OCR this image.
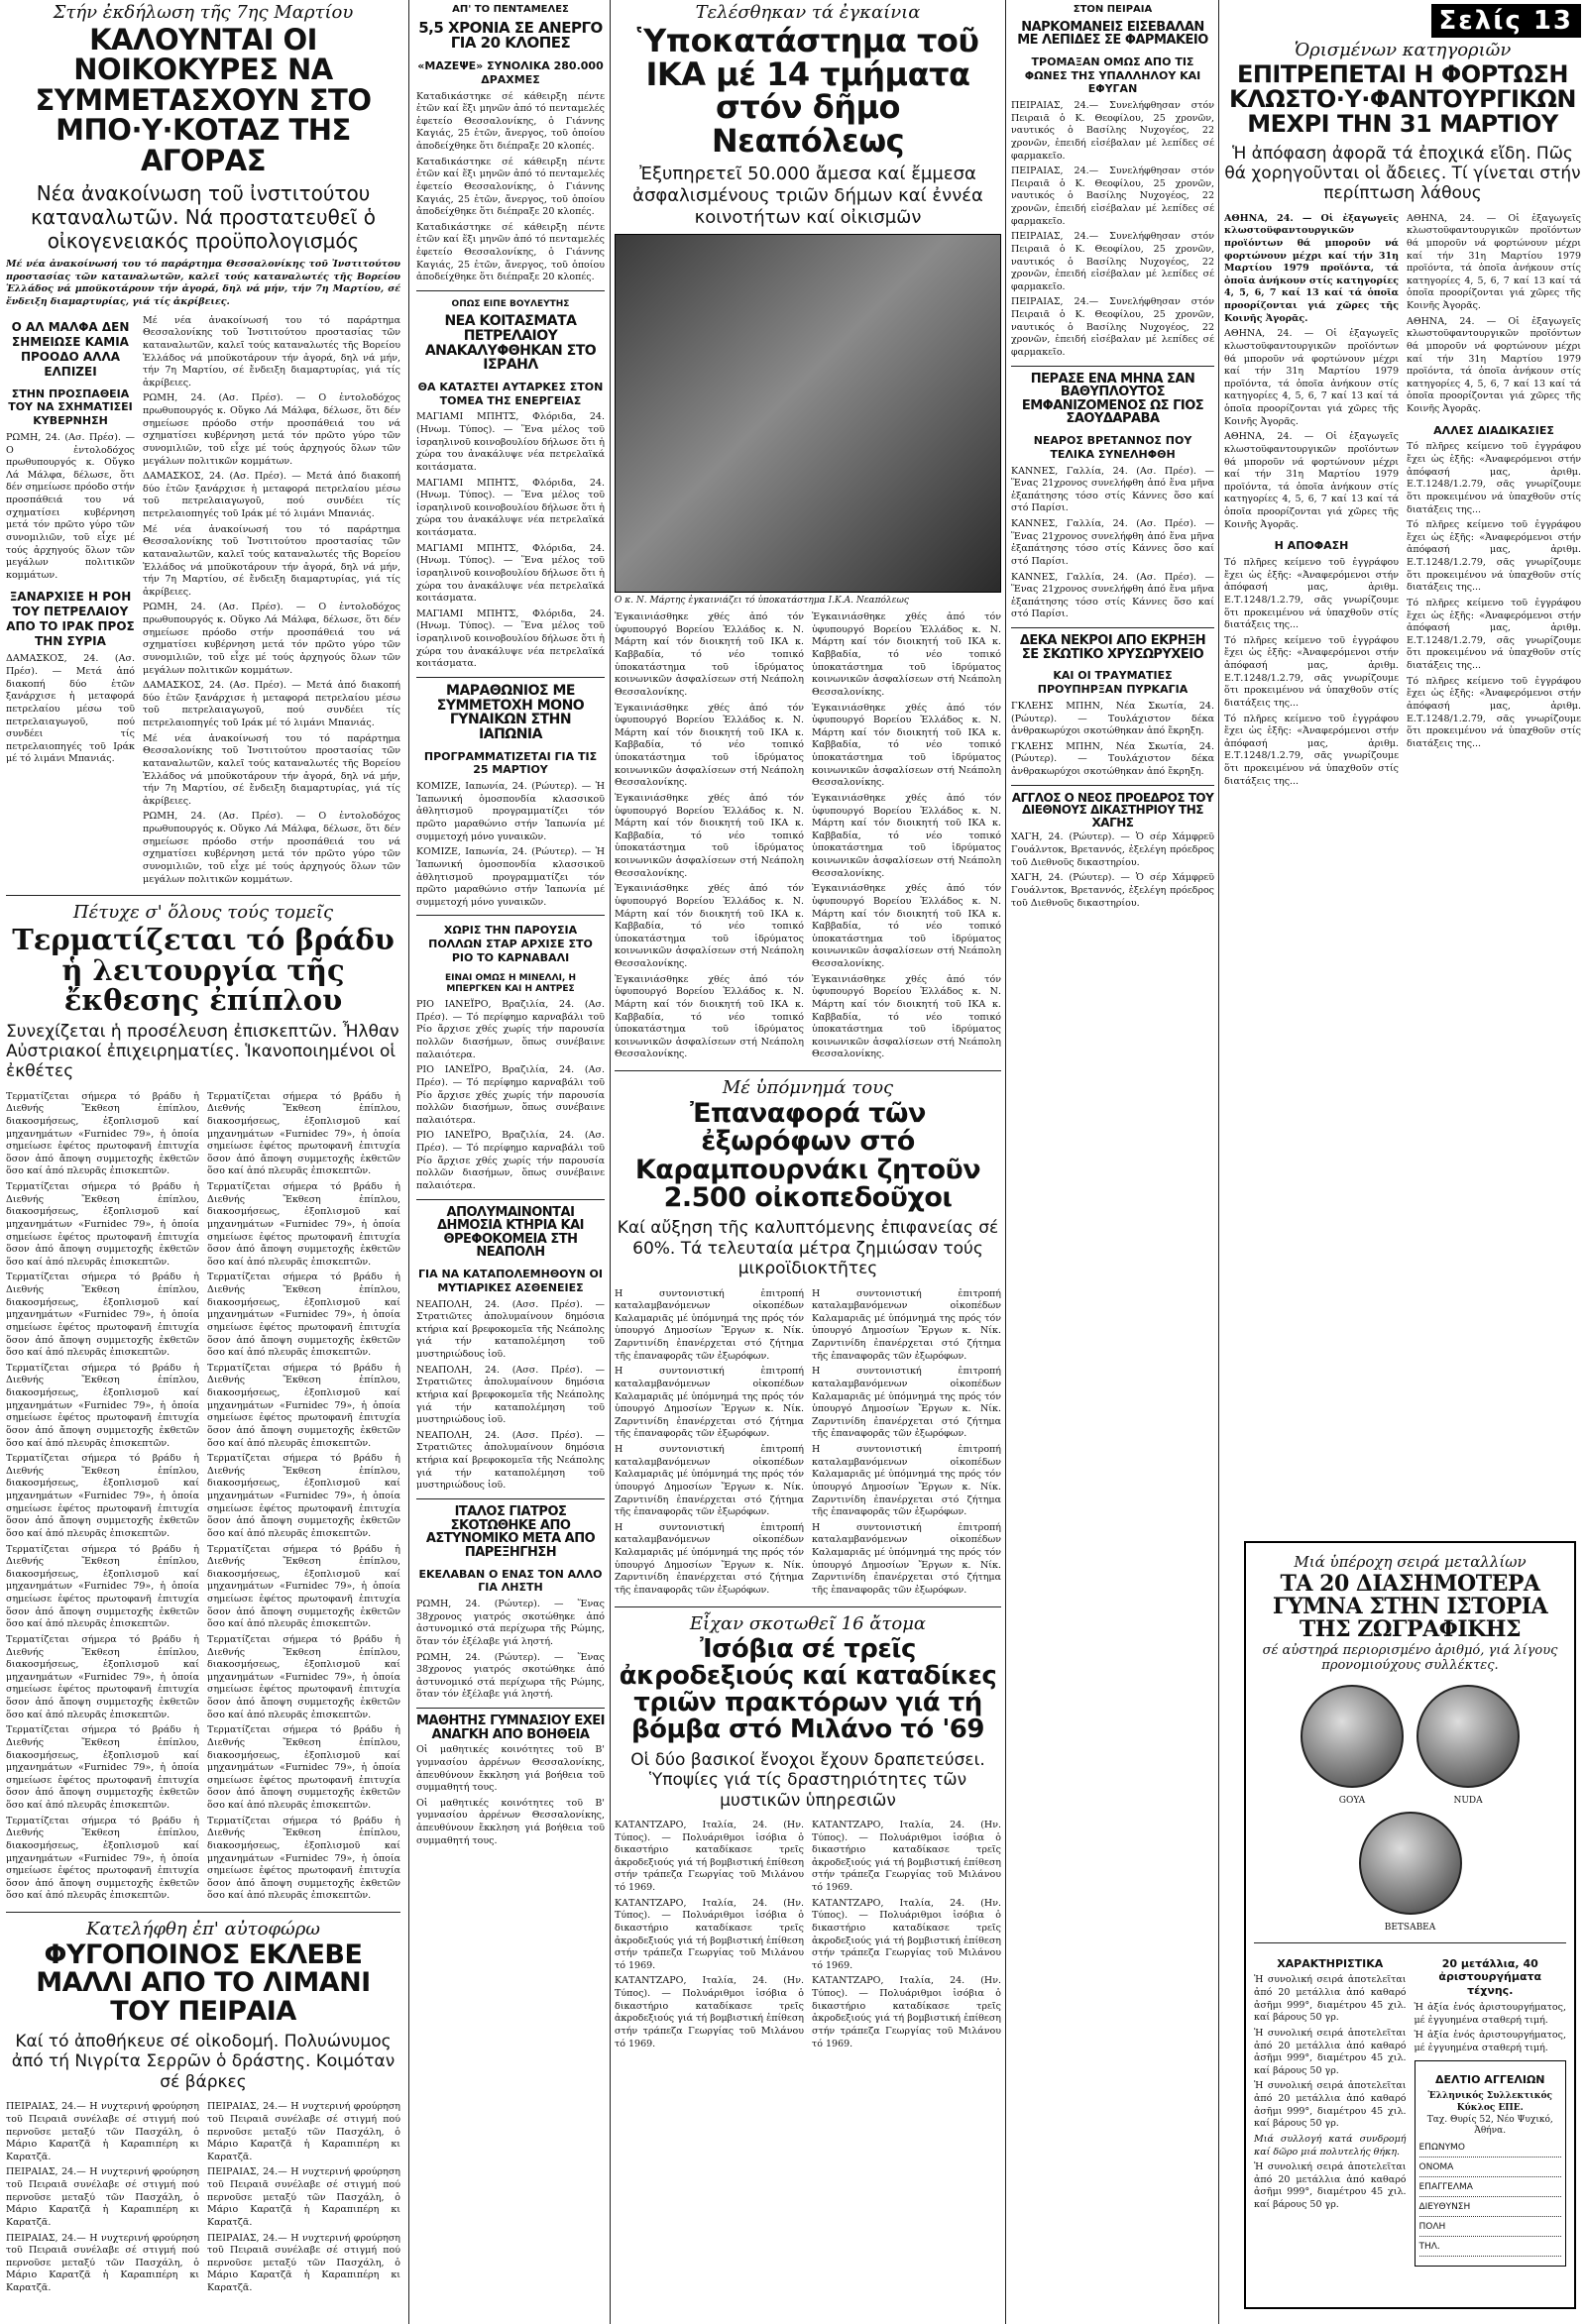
Στήν ἐκδήλωση τῆς 7ης Μαρτίου
ΚΑΛΟΥΝΤΑΙ ΟΙ ΝΟΙΚΟΚΥΡΕΣ ΝΑ ΣΥΜΜΕΤΑΣΧΟΥΝ ΣΤΟ ΜΠΟ·Υ·ΚΟΤΑΖ ΤΗΣ ΑΓΟΡΑΣ
Νέα ἀνακοίνωση τοῦ ἰνστιτούτου καταναλωτῶν. Νά προστατευθεῖ ὁ οἰκογενειακός προϋπολογισμός
Μέ νέα ἀνακοίνωσή του τό παράρτημα Θεσσαλονίκης τοῦ Ἰνστιτούτου προστασίας τῶν καταναλωτῶν, καλεῖ τούς καταναλωτές τῆς Βορείου Ἑλλάδος νά μποϋκοτάρουν τήν ἀγορά, δηλ νά μήν, τήν 7η Μαρτίου, σέ ἔνδειξη διαμαρτυρίας, γιά τίς ἀκρίβειες.
Ο ΑΛ ΜΑΛΦΑ ΔΕΝ ΣΗΜΕΙΩΣΕ ΚΑΜΙΑ ΠΡΟΟΔΟ ΑΛΛΑ ΕΛΠΙΖΕΙ
ΣΤΗΝ ΠΡΟΣΠΑΘΕΙΑ ΤΟΥ ΝΑ ΣΧΗΜΑΤΙΣΕΙ ΚΥΒΕΡΝΗΣΗ
ΡΩΜΗ, 24. (Ασ. Πρέσ). — Ο ἐντολοδόχος πρωθυπουργός κ. Οὔγκο Λά Μάλφα, δέλωσε, ὅτι δέν σημείωσε πρόοδο στήν προσπάθειά του νά σχηματίσει κυβέρνηση μετά τόν πρῶτο γύρο τῶν συνομιλιῶν, τοῦ εἶχε μέ τούς ἀρχηγούς ὅλων τῶν μεγάλων πολιτικῶν κομμάτων.
ΞΑΝΑΡΧΙΣΕ Η ΡΟΗ ΤΟΥ ΠΕΤΡΕΛΑΙΟΥ ΑΠΟ ΤΟ ΙΡΑΚ ΠΡΟΣ ΤΗΝ ΣΥΡΙΑ
ΔΑΜΑΣΚΟΣ, 24. (Ασ. Πρέσ). — Μετά ἀπό διακοπή δύο ἐτῶν ξανάρχισε ἡ μεταφορά πετρελαίου μέσω τοῦ πετρελαιαγωγοῦ, πού συνδέει τίς πετρελαιοπηγές τοῦ Ιράκ μέ τό λιμάνι Μπανιάς.
Μέ νέα ἀνακοίνωσή του τό παράρτημα Θεσσαλονίκης τοῦ Ἰνστιτούτου προστασίας τῶν καταναλωτῶν, καλεῖ τούς καταναλωτές τῆς Βορείου Ἑλλάδος νά μποϋκοτάρουν τήν ἀγορά, δηλ νά μήν, τήν 7η Μαρτίου, σέ ἔνδειξη διαμαρτυρίας, γιά τίς ἀκρίβειες.
ΡΩΜΗ, 24. (Ασ. Πρέσ). — Ο ἐντολοδόχος πρωθυπουργός κ. Οὔγκο Λά Μάλφα, δέλωσε, ὅτι δέν σημείωσε πρόοδο στήν προσπάθειά του νά σχηματίσει κυβέρνηση μετά τόν πρῶτο γύρο τῶν συνομιλιῶν, τοῦ εἶχε μέ τούς ἀρχηγούς ὅλων τῶν μεγάλων πολιτικῶν κομμάτων.
ΔΑΜΑΣΚΟΣ, 24. (Ασ. Πρέσ). — Μετά ἀπό διακοπή δύο ἐτῶν ξανάρχισε ἡ μεταφορά πετρελαίου μέσω τοῦ πετρελαιαγωγοῦ, πού συνδέει τίς πετρελαιοπηγές τοῦ Ιράκ μέ τό λιμάνι Μπανιάς.
Μέ νέα ἀνακοίνωσή του τό παράρτημα Θεσσαλονίκης τοῦ Ἰνστιτούτου προστασίας τῶν καταναλωτῶν, καλεῖ τούς καταναλωτές τῆς Βορείου Ἑλλάδος νά μποϋκοτάρουν τήν ἀγορά, δηλ νά μήν, τήν 7η Μαρτίου, σέ ἔνδειξη διαμαρτυρίας, γιά τίς ἀκρίβειες.
ΡΩΜΗ, 24. (Ασ. Πρέσ). — Ο ἐντολοδόχος πρωθυπουργός κ. Οὔγκο Λά Μάλφα, δέλωσε, ὅτι δέν σημείωσε πρόοδο στήν προσπάθειά του νά σχηματίσει κυβέρνηση μετά τόν πρῶτο γύρο τῶν συνομιλιῶν, τοῦ εἶχε μέ τούς ἀρχηγούς ὅλων τῶν μεγάλων πολιτικῶν κομμάτων.
ΔΑΜΑΣΚΟΣ, 24. (Ασ. Πρέσ). — Μετά ἀπό διακοπή δύο ἐτῶν ξανάρχισε ἡ μεταφορά πετρελαίου μέσω τοῦ πετρελαιαγωγοῦ, πού συνδέει τίς πετρελαιοπηγές τοῦ Ιράκ μέ τό λιμάνι Μπανιάς.
Μέ νέα ἀνακοίνωσή του τό παράρτημα Θεσσαλονίκης τοῦ Ἰνστιτούτου προστασίας τῶν καταναλωτῶν, καλεῖ τούς καταναλωτές τῆς Βορείου Ἑλλάδος νά μποϋκοτάρουν τήν ἀγορά, δηλ νά μήν, τήν 7η Μαρτίου, σέ ἔνδειξη διαμαρτυρίας, γιά τίς ἀκρίβειες.
ΡΩΜΗ, 24. (Ασ. Πρέσ). — Ο ἐντολοδόχος πρωθυπουργός κ. Οὔγκο Λά Μάλφα, δέλωσε, ὅτι δέν σημείωσε πρόοδο στήν προσπάθειά του νά σχηματίσει κυβέρνηση μετά τόν πρῶτο γύρο τῶν συνομιλιῶν, τοῦ εἶχε μέ τούς ἀρχηγούς ὅλων τῶν μεγάλων πολιτικῶν κομμάτων.
Πέτυχε σ' ὅλους τούς τομεῖς
Τερματίζεται τό βράδυ ἡ λειτουργία τῆς ἔκθεσης ἐπίπλου
Συνεχίζεται ἡ προσέλευση ἐπισκεπτῶν. Ἦλθαν Αὐστριακοί ἐπιχειρηματίες. Ἱκανοποιημένοι οἱ ἐκθέτες
Τερματίζεται σήμερα τό βράδυ ἡ Διεθνής Ἔκθεση ἐπίπλου, διακοσμήσεως, ἐξοπλισμοῦ καί μηχανημάτων «Furnidec 79», ἡ ὁποία σημείωσε ἐφέτος πρωτοφανῆ ἐπιτυχία ὅσον ἀπό ἄποψη συμμετοχῆς ἐκθετῶν ὅσο καί ἀπό πλευρᾶς ἐπισκεπτῶν.
Τερματίζεται σήμερα τό βράδυ ἡ Διεθνής Ἔκθεση ἐπίπλου, διακοσμήσεως, ἐξοπλισμοῦ καί μηχανημάτων «Furnidec 79», ἡ ὁποία σημείωσε ἐφέτος πρωτοφανῆ ἐπιτυχία ὅσον ἀπό ἄποψη συμμετοχῆς ἐκθετῶν ὅσο καί ἀπό πλευρᾶς ἐπισκεπτῶν.
Τερματίζεται σήμερα τό βράδυ ἡ Διεθνής Ἔκθεση ἐπίπλου, διακοσμήσεως, ἐξοπλισμοῦ καί μηχανημάτων «Furnidec 79», ἡ ὁποία σημείωσε ἐφέτος πρωτοφανῆ ἐπιτυχία ὅσον ἀπό ἄποψη συμμετοχῆς ἐκθετῶν ὅσο καί ἀπό πλευρᾶς ἐπισκεπτῶν.
Τερματίζεται σήμερα τό βράδυ ἡ Διεθνής Ἔκθεση ἐπίπλου, διακοσμήσεως, ἐξοπλισμοῦ καί μηχανημάτων «Furnidec 79», ἡ ὁποία σημείωσε ἐφέτος πρωτοφανῆ ἐπιτυχία ὅσον ἀπό ἄποψη συμμετοχῆς ἐκθετῶν ὅσο καί ἀπό πλευρᾶς ἐπισκεπτῶν.
Τερματίζεται σήμερα τό βράδυ ἡ Διεθνής Ἔκθεση ἐπίπλου, διακοσμήσεως, ἐξοπλισμοῦ καί μηχανημάτων «Furnidec 79», ἡ ὁποία σημείωσε ἐφέτος πρωτοφανῆ ἐπιτυχία ὅσον ἀπό ἄποψη συμμετοχῆς ἐκθετῶν ὅσο καί ἀπό πλευρᾶς ἐπισκεπτῶν.
Τερματίζεται σήμερα τό βράδυ ἡ Διεθνής Ἔκθεση ἐπίπλου, διακοσμήσεως, ἐξοπλισμοῦ καί μηχανημάτων «Furnidec 79», ἡ ὁποία σημείωσε ἐφέτος πρωτοφανῆ ἐπιτυχία ὅσον ἀπό ἄποψη συμμετοχῆς ἐκθετῶν ὅσο καί ἀπό πλευρᾶς ἐπισκεπτῶν.
Τερματίζεται σήμερα τό βράδυ ἡ Διεθνής Ἔκθεση ἐπίπλου, διακοσμήσεως, ἐξοπλισμοῦ καί μηχανημάτων «Furnidec 79», ἡ ὁποία σημείωσε ἐφέτος πρωτοφανῆ ἐπιτυχία ὅσον ἀπό ἄποψη συμμετοχῆς ἐκθετῶν ὅσο καί ἀπό πλευρᾶς ἐπισκεπτῶν.
Τερματίζεται σήμερα τό βράδυ ἡ Διεθνής Ἔκθεση ἐπίπλου, διακοσμήσεως, ἐξοπλισμοῦ καί μηχανημάτων «Furnidec 79», ἡ ὁποία σημείωσε ἐφέτος πρωτοφανῆ ἐπιτυχία ὅσον ἀπό ἄποψη συμμετοχῆς ἐκθετῶν ὅσο καί ἀπό πλευρᾶς ἐπισκεπτῶν.
Τερματίζεται σήμερα τό βράδυ ἡ Διεθνής Ἔκθεση ἐπίπλου, διακοσμήσεως, ἐξοπλισμοῦ καί μηχανημάτων «Furnidec 79», ἡ ὁποία σημείωσε ἐφέτος πρωτοφανῆ ἐπιτυχία ὅσον ἀπό ἄποψη συμμετοχῆς ἐκθετῶν ὅσο καί ἀπό πλευρᾶς ἐπισκεπτῶν.
Τερματίζεται σήμερα τό βράδυ ἡ Διεθνής Ἔκθεση ἐπίπλου, διακοσμήσεως, ἐξοπλισμοῦ καί μηχανημάτων «Furnidec 79», ἡ ὁποία σημείωσε ἐφέτος πρωτοφανῆ ἐπιτυχία ὅσον ἀπό ἄποψη συμμετοχῆς ἐκθετῶν ὅσο καί ἀπό πλευρᾶς ἐπισκεπτῶν.
Τερματίζεται σήμερα τό βράδυ ἡ Διεθνής Ἔκθεση ἐπίπλου, διακοσμήσεως, ἐξοπλισμοῦ καί μηχανημάτων «Furnidec 79», ἡ ὁποία σημείωσε ἐφέτος πρωτοφανῆ ἐπιτυχία ὅσον ἀπό ἄποψη συμμετοχῆς ἐκθετῶν ὅσο καί ἀπό πλευρᾶς ἐπισκεπτῶν.
Τερματίζεται σήμερα τό βράδυ ἡ Διεθνής Ἔκθεση ἐπίπλου, διακοσμήσεως, ἐξοπλισμοῦ καί μηχανημάτων «Furnidec 79», ἡ ὁποία σημείωσε ἐφέτος πρωτοφανῆ ἐπιτυχία ὅσον ἀπό ἄποψη συμμετοχῆς ἐκθετῶν ὅσο καί ἀπό πλευρᾶς ἐπισκεπτῶν.
Τερματίζεται σήμερα τό βράδυ ἡ Διεθνής Ἔκθεση ἐπίπλου, διακοσμήσεως, ἐξοπλισμοῦ καί μηχανημάτων «Furnidec 79», ἡ ὁποία σημείωσε ἐφέτος πρωτοφανῆ ἐπιτυχία ὅσον ἀπό ἄποψη συμμετοχῆς ἐκθετῶν ὅσο καί ἀπό πλευρᾶς ἐπισκεπτῶν.
Τερματίζεται σήμερα τό βράδυ ἡ Διεθνής Ἔκθεση ἐπίπλου, διακοσμήσεως, ἐξοπλισμοῦ καί μηχανημάτων «Furnidec 79», ἡ ὁποία σημείωσε ἐφέτος πρωτοφανῆ ἐπιτυχία ὅσον ἀπό ἄποψη συμμετοχῆς ἐκθετῶν ὅσο καί ἀπό πλευρᾶς ἐπισκεπτῶν.
Τερματίζεται σήμερα τό βράδυ ἡ Διεθνής Ἔκθεση ἐπίπλου, διακοσμήσεως, ἐξοπλισμοῦ καί μηχανημάτων «Furnidec 79», ἡ ὁποία σημείωσε ἐφέτος πρωτοφανῆ ἐπιτυχία ὅσον ἀπό ἄποψη συμμετοχῆς ἐκθετῶν ὅσο καί ἀπό πλευρᾶς ἐπισκεπτῶν.
Τερματίζεται σήμερα τό βράδυ ἡ Διεθνής Ἔκθεση ἐπίπλου, διακοσμήσεως, ἐξοπλισμοῦ καί μηχανημάτων «Furnidec 79», ἡ ὁποία σημείωσε ἐφέτος πρωτοφανῆ ἐπιτυχία ὅσον ἀπό ἄποψη συμμετοχῆς ἐκθετῶν ὅσο καί ἀπό πλευρᾶς ἐπισκεπτῶν.
Τερματίζεται σήμερα τό βράδυ ἡ Διεθνής Ἔκθεση ἐπίπλου, διακοσμήσεως, ἐξοπλισμοῦ καί μηχανημάτων «Furnidec 79», ἡ ὁποία σημείωσε ἐφέτος πρωτοφανῆ ἐπιτυχία ὅσον ἀπό ἄποψη συμμετοχῆς ἐκθετῶν ὅσο καί ἀπό πλευρᾶς ἐπισκεπτῶν.
Τερματίζεται σήμερα τό βράδυ ἡ Διεθνής Ἔκθεση ἐπίπλου, διακοσμήσεως, ἐξοπλισμοῦ καί μηχανημάτων «Furnidec 79», ἡ ὁποία σημείωσε ἐφέτος πρωτοφανῆ ἐπιτυχία ὅσον ἀπό ἄποψη συμμετοχῆς ἐκθετῶν ὅσο καί ἀπό πλευρᾶς ἐπισκεπτῶν.
Κατελήφθη ἐπ' αὐτοφώρω
ΦΥΓΟΠΟΙΝΟΣ ΕΚΛΕΒΕ ΜΑΛΛΙ ΑΠΟ ΤΟ ΛΙΜΑΝΙ ΤΟΥ ΠΕΙΡΑΙΑ
Καί τό ἀποθήκευε σέ οἰκοδομή. Πολυώνυμος ἀπό τή Νιγρίτα Σερρῶν ὁ δράστης. Κοιμόταν σέ βάρκες
ΠΕΙΡΑΙΑΣ, 24.— Η νυχτερινή φρούρηση τοῦ Πειραιᾶ συνέλαβε σέ στιγμή πού περνοῦσε μεταξύ τῶν Πασχάλη, ὁ Μάριο Καρατζᾶ ἡ Καραπιπέρη κι Καρατζᾶ.
ΠΕΙΡΑΙΑΣ, 24.— Η νυχτερινή φρούρηση τοῦ Πειραιᾶ συνέλαβε σέ στιγμή πού περνοῦσε μεταξύ τῶν Πασχάλη, ὁ Μάριο Καρατζᾶ ἡ Καραπιπέρη κι Καρατζᾶ.
ΠΕΙΡΑΙΑΣ, 24.— Η νυχτερινή φρούρηση τοῦ Πειραιᾶ συνέλαβε σέ στιγμή πού περνοῦσε μεταξύ τῶν Πασχάλη, ὁ Μάριο Καρατζᾶ ἡ Καραπιπέρη κι Καρατζᾶ.
ΠΕΙΡΑΙΑΣ, 24.— Η νυχτερινή φρούρηση τοῦ Πειραιᾶ συνέλαβε σέ στιγμή πού περνοῦσε μεταξύ τῶν Πασχάλη, ὁ Μάριο Καρατζᾶ ἡ Καραπιπέρη κι Καρατζᾶ.
ΠΕΙΡΑΙΑΣ, 24.— Η νυχτερινή φρούρηση τοῦ Πειραιᾶ συνέλαβε σέ στιγμή πού περνοῦσε μεταξύ τῶν Πασχάλη, ὁ Μάριο Καρατζᾶ ἡ Καραπιπέρη κι Καρατζᾶ.
ΠΕΙΡΑΙΑΣ, 24.— Η νυχτερινή φρούρηση τοῦ Πειραιᾶ συνέλαβε σέ στιγμή πού περνοῦσε μεταξύ τῶν Πασχάλη, ὁ Μάριο Καρατζᾶ ἡ Καραπιπέρη κι Καρατζᾶ.
ΑΠ' ΤΟ ΠΕΝΤΑΜΕΛΕΣ
5,5 ΧΡΟΝΙΑ ΣΕ ΑΝΕΡΓΟ ΓΙΑ 20 ΚΛΟΠΕΣ
«ΜΑΖΕΨΕ» ΣΥΝΟΛΙΚΑ 280.000 ΔΡΑΧΜΕΣ
Καταδικάστηκε σέ κάθειρξη πέντε ἐτῶν καί ἕξι μηνῶν ἀπό τό πενταμελές ἐφετείο Θεσσαλονίκης, ὁ Γιάννης Καγιάς, 25 ἐτῶν, ἄνεργος, τοῦ ὁποίου ἀποδείχθηκε ὅτι διέπραξε 20 κλοπές.
Καταδικάστηκε σέ κάθειρξη πέντε ἐτῶν καί ἕξι μηνῶν ἀπό τό πενταμελές ἐφετείο Θεσσαλονίκης, ὁ Γιάννης Καγιάς, 25 ἐτῶν, ἄνεργος, τοῦ ὁποίου ἀποδείχθηκε ὅτι διέπραξε 20 κλοπές.
Καταδικάστηκε σέ κάθειρξη πέντε ἐτῶν καί ἕξι μηνῶν ἀπό τό πενταμελές ἐφετείο Θεσσαλονίκης, ὁ Γιάννης Καγιάς, 25 ἐτῶν, ἄνεργος, τοῦ ὁποίου ἀποδείχθηκε ὅτι διέπραξε 20 κλοπές.
ΟΠΩΣ ΕΙΠΕ ΒΟΥΛΕΥΤΗΣ
ΝΕΑ ΚΟΙΤΑΣΜΑΤΑ ΠΕΤΡΕΛΑΙΟΥ ΑΝΑΚΑΛΥΦΘΗΚΑΝ ΣΤΟ ΙΣΡΑΗΛ
ΘΑ ΚΑΤΑΣΤΕΙ ΑΥΤΑΡΚΕΣ ΣΤΟΝ ΤΟΜΕΑ ΤΗΣ ΕΝΕΡΓΕΙΑΣ
ΜΑΓΙΑΜΙ ΜΠΗΤΣ, Φλόριδα, 24. (Ηνωμ. Τύπος). — Ἕνα μέλος τοῦ ἰσραηλινοῦ κοινοβουλίου δήλωσε ὅτι ἡ χώρα του ἀνακάλυψε νέα πετρελαϊκά κοιτάσματα.
ΜΑΓΙΑΜΙ ΜΠΗΤΣ, Φλόριδα, 24. (Ηνωμ. Τύπος). — Ἕνα μέλος τοῦ ἰσραηλινοῦ κοινοβουλίου δήλωσε ὅτι ἡ χώρα του ἀνακάλυψε νέα πετρελαϊκά κοιτάσματα.
ΜΑΓΙΑΜΙ ΜΠΗΤΣ, Φλόριδα, 24. (Ηνωμ. Τύπος). — Ἕνα μέλος τοῦ ἰσραηλινοῦ κοινοβουλίου δήλωσε ὅτι ἡ χώρα του ἀνακάλυψε νέα πετρελαϊκά κοιτάσματα.
ΜΑΓΙΑΜΙ ΜΠΗΤΣ, Φλόριδα, 24. (Ηνωμ. Τύπος). — Ἕνα μέλος τοῦ ἰσραηλινοῦ κοινοβουλίου δήλωσε ὅτι ἡ χώρα του ἀνακάλυψε νέα πετρελαϊκά κοιτάσματα.
ΜΑΡΑΘΩΝΙΟΣ ΜΕ ΣΥΜΜΕΤΟΧΗ ΜΟΝΟ ΓΥΝΑΙΚΩΝ ΣΤΗΝ ΙΑΠΩΝΙΑ
ΠΡΟΓΡΑΜΜΑΤΙΖΕΤΑΙ ΓΙΑ ΤΙΣ 25 ΜΑΡΤΙΟΥ
ΚΟΜΙΖΕ, Ιαπωνία, 24. (Ρώυτερ). — Ἡ Ἰαπωνική ὁμοσπονδία κλασσικοῦ ἀθλητισμοῦ προγραμματίζει τόν πρῶτο μαραθώνιο στήν Ἰαπωνία μέ συμμετοχή μόνο γυναικῶν.
ΚΟΜΙΖΕ, Ιαπωνία, 24. (Ρώυτερ). — Ἡ Ἰαπωνική ὁμοσπονδία κλασσικοῦ ἀθλητισμοῦ προγραμματίζει τόν πρῶτο μαραθώνιο στήν Ἰαπωνία μέ συμμετοχή μόνο γυναικῶν.
ΧΩΡΙΣ ΤΗΝ ΠΑΡΟΥΣΙΑ ΠΟΛΛΩΝ ΣΤΑΡ ΑΡΧΙΣΕ ΣΤΟ ΡΙΟ ΤΟ ΚΑΡΝΑΒΑΛΙ
ΕΙΝΑΙ ΟΜΩΣ Η ΜΙΝΕΛΛΙ, Η ΜΠΕΡΓΚΕΝ ΚΑΙ Η ΑΝΤΡΕΣ
ΡΙΟ ΙΑΝΕΪΡΟ, Βραζιλία, 24. (Ασ. Πρέσ). — Τό περίφημο καρναβάλι τοῦ Ρίο ἄρχισε χθές χωρίς τήν παρουσία πολλῶν διασήμων, ὅπως συνέβαινε παλαιότερα.
ΡΙΟ ΙΑΝΕΪΡΟ, Βραζιλία, 24. (Ασ. Πρέσ). — Τό περίφημο καρναβάλι τοῦ Ρίο ἄρχισε χθές χωρίς τήν παρουσία πολλῶν διασήμων, ὅπως συνέβαινε παλαιότερα.
ΡΙΟ ΙΑΝΕΪΡΟ, Βραζιλία, 24. (Ασ. Πρέσ). — Τό περίφημο καρναβάλι τοῦ Ρίο ἄρχισε χθές χωρίς τήν παρουσία πολλῶν διασήμων, ὅπως συνέβαινε παλαιότερα.
ΑΠΟΛΥΜΑΙΝΟΝΤΑΙ ΔΗΜΟΣΙΑ ΚΤΗΡΙΑ ΚΑΙ ΘΡΕΦΟΚΟΜΕΙΑ ΣΤΗ ΝΕΑΠΟΛΗ
ΓΙΑ ΝΑ ΚΑΤΑΠΟΛΕΜΗΘΟΥΝ ΟΙ ΜΥΤΙΑΡΙΚΕΣ ΑΣΘΕΝΕΙΕΣ
ΝΕΑΠΟΛΗ, 24. (Ασσ. Πρέσ). — Στρατιῶτες ἀπολυμαίνουν δημόσια κτήρια καί βρεφοκομεῖα τῆς Νεάπολης γιά τήν καταπολέμηση τοῦ μυστηριώδους ἰοῦ.
ΝΕΑΠΟΛΗ, 24. (Ασσ. Πρέσ). — Στρατιῶτες ἀπολυμαίνουν δημόσια κτήρια καί βρεφοκομεῖα τῆς Νεάπολης γιά τήν καταπολέμηση τοῦ μυστηριώδους ἰοῦ.
ΝΕΑΠΟΛΗ, 24. (Ασσ. Πρέσ). — Στρατιῶτες ἀπολυμαίνουν δημόσια κτήρια καί βρεφοκομεῖα τῆς Νεάπολης γιά τήν καταπολέμηση τοῦ μυστηριώδους ἰοῦ.
ΙΤΑΛΟΣ ΓΙΑΤΡΟΣ ΣΚΟΤΩΘΗΚΕ ΑΠΟ ΑΣΤΥΝΟΜΙΚΟ ΜΕΤΑ ΑΠΟ ΠΑΡΕΞΗΓΗΣΗ
ΕΚΕΛΑΒΑΝ Ο ΕΝΑΣ ΤΟΝ ΑΛΛΟ ΓΙΑ ΛΗΣΤΗ
ΡΩΜΗ, 24. (Ρώυτερ). — Ἕνας 38χρονος γιατρός σκοτώθηκε ἀπό ἀστυνομικό στά περίχωρα τῆς Ρώμης, ὅταν τόν ἐξέλαβε γιά ληστή.
ΡΩΜΗ, 24. (Ρώυτερ). — Ἕνας 38χρονος γιατρός σκοτώθηκε ἀπό ἀστυνομικό στά περίχωρα τῆς Ρώμης, ὅταν τόν ἐξέλαβε γιά ληστή.
ΜΑΘΗΤΗΣ ΓΥΜΝΑΣΙΟΥ ΕΧΕΙ ΑΝΑΓΚΗ ΑΠΟ ΒΟΗΘΕΙΑ
Οἱ μαθητικές κοινότητες τοῦ Β' γυμνασίου ἀρρένων Θεσσαλονίκης, ἀπευθύνουν ἔκκληση γιά βοήθεια τοῦ συμμαθητή τους.
Οἱ μαθητικές κοινότητες τοῦ Β' γυμνασίου ἀρρένων Θεσσαλονίκης, ἀπευθύνουν ἔκκληση γιά βοήθεια τοῦ συμμαθητή τους.
Τελέσθηκαν τά ἐγκαίνια
Ὑποκατάστημα τοῦ ΙΚΑ μέ 14 τμήματα στόν δῆμο Νεαπόλεως
Ἐξυπηρετεῖ 50.000 ἄμεσα καί ἔμμεσα ἀσφαλισμένους τριῶν δήμων καί ἐννέα κοινοτήτων καί οἰκισμῶν
Ο κ. Ν. Μάρτης ἐγκαινιάζει τό ὑποκατάστημα Ι.Κ.Α. Νεαπόλεως
Ἐγκαινιάσθηκε χθές ἀπό τόν ὑφυπουργό Βορείου Ἑλλάδος κ. Ν. Μάρτη καί τόν διοικητή τοῦ ΙΚΑ κ. Καββαδία, τό νέο τοπικό ὑποκατάστημα τοῦ ἱδρύματος κοινωνικῶν ἀσφαλίσεων στή Νεάπολη Θεσσαλονίκης.
Ἐγκαινιάσθηκε χθές ἀπό τόν ὑφυπουργό Βορείου Ἑλλάδος κ. Ν. Μάρτη καί τόν διοικητή τοῦ ΙΚΑ κ. Καββαδία, τό νέο τοπικό ὑποκατάστημα τοῦ ἱδρύματος κοινωνικῶν ἀσφαλίσεων στή Νεάπολη Θεσσαλονίκης.
Ἐγκαινιάσθηκε χθές ἀπό τόν ὑφυπουργό Βορείου Ἑλλάδος κ. Ν. Μάρτη καί τόν διοικητή τοῦ ΙΚΑ κ. Καββαδία, τό νέο τοπικό ὑποκατάστημα τοῦ ἱδρύματος κοινωνικῶν ἀσφαλίσεων στή Νεάπολη Θεσσαλονίκης.
Ἐγκαινιάσθηκε χθές ἀπό τόν ὑφυπουργό Βορείου Ἑλλάδος κ. Ν. Μάρτη καί τόν διοικητή τοῦ ΙΚΑ κ. Καββαδία, τό νέο τοπικό ὑποκατάστημα τοῦ ἱδρύματος κοινωνικῶν ἀσφαλίσεων στή Νεάπολη Θεσσαλονίκης.
Ἐγκαινιάσθηκε χθές ἀπό τόν ὑφυπουργό Βορείου Ἑλλάδος κ. Ν. Μάρτη καί τόν διοικητή τοῦ ΙΚΑ κ. Καββαδία, τό νέο τοπικό ὑποκατάστημα τοῦ ἱδρύματος κοινωνικῶν ἀσφαλίσεων στή Νεάπολη Θεσσαλονίκης.
Ἐγκαινιάσθηκε χθές ἀπό τόν ὑφυπουργό Βορείου Ἑλλάδος κ. Ν. Μάρτη καί τόν διοικητή τοῦ ΙΚΑ κ. Καββαδία, τό νέο τοπικό ὑποκατάστημα τοῦ ἱδρύματος κοινωνικῶν ἀσφαλίσεων στή Νεάπολη Θεσσαλονίκης.
Ἐγκαινιάσθηκε χθές ἀπό τόν ὑφυπουργό Βορείου Ἑλλάδος κ. Ν. Μάρτη καί τόν διοικητή τοῦ ΙΚΑ κ. Καββαδία, τό νέο τοπικό ὑποκατάστημα τοῦ ἱδρύματος κοινωνικῶν ἀσφαλίσεων στή Νεάπολη Θεσσαλονίκης.
Ἐγκαινιάσθηκε χθές ἀπό τόν ὑφυπουργό Βορείου Ἑλλάδος κ. Ν. Μάρτη καί τόν διοικητή τοῦ ΙΚΑ κ. Καββαδία, τό νέο τοπικό ὑποκατάστημα τοῦ ἱδρύματος κοινωνικῶν ἀσφαλίσεων στή Νεάπολη Θεσσαλονίκης.
Ἐγκαινιάσθηκε χθές ἀπό τόν ὑφυπουργό Βορείου Ἑλλάδος κ. Ν. Μάρτη καί τόν διοικητή τοῦ ΙΚΑ κ. Καββαδία, τό νέο τοπικό ὑποκατάστημα τοῦ ἱδρύματος κοινωνικῶν ἀσφαλίσεων στή Νεάπολη Θεσσαλονίκης.
Ἐγκαινιάσθηκε χθές ἀπό τόν ὑφυπουργό Βορείου Ἑλλάδος κ. Ν. Μάρτη καί τόν διοικητή τοῦ ΙΚΑ κ. Καββαδία, τό νέο τοπικό ὑποκατάστημα τοῦ ἱδρύματος κοινωνικῶν ἀσφαλίσεων στή Νεάπολη Θεσσαλονίκης.
Μέ ὑπόμνημά τους
Ἐπαναφορά τῶν ἐξωρόφων στό Καραμπουρνάκι ζητοῦν 2.500 οἰκοπεδοῦχοι
Καί αὔξηση τῆς καλυπτόμενης ἐπιφανείας σέ 60%. Τά τελευταία μέτρα ζημιώσαν τούς μικροϊδιοκτῆτες
Η συντονιστική ἐπιτροπή καταλαμβανόμενων οἰκοπέδων Καλαμαριᾶς μέ ὑπόμνημά της πρός τόν ὑπουργό Δημοσίων Ἔργων κ. Νίκ. Ζαρντινίδη ἐπανέρχεται στό ζήτημα τῆς ἐπαναφορᾶς τῶν ἐξωρόφων.
Η συντονιστική ἐπιτροπή καταλαμβανόμενων οἰκοπέδων Καλαμαριᾶς μέ ὑπόμνημά της πρός τόν ὑπουργό Δημοσίων Ἔργων κ. Νίκ. Ζαρντινίδη ἐπανέρχεται στό ζήτημα τῆς ἐπαναφορᾶς τῶν ἐξωρόφων.
Η συντονιστική ἐπιτροπή καταλαμβανόμενων οἰκοπέδων Καλαμαριᾶς μέ ὑπόμνημά της πρός τόν ὑπουργό Δημοσίων Ἔργων κ. Νίκ. Ζαρντινίδη ἐπανέρχεται στό ζήτημα τῆς ἐπαναφορᾶς τῶν ἐξωρόφων.
Η συντονιστική ἐπιτροπή καταλαμβανόμενων οἰκοπέδων Καλαμαριᾶς μέ ὑπόμνημά της πρός τόν ὑπουργό Δημοσίων Ἔργων κ. Νίκ. Ζαρντινίδη ἐπανέρχεται στό ζήτημα τῆς ἐπαναφορᾶς τῶν ἐξωρόφων.
Η συντονιστική ἐπιτροπή καταλαμβανόμενων οἰκοπέδων Καλαμαριᾶς μέ ὑπόμνημά της πρός τόν ὑπουργό Δημοσίων Ἔργων κ. Νίκ. Ζαρντινίδη ἐπανέρχεται στό ζήτημα τῆς ἐπαναφορᾶς τῶν ἐξωρόφων.
Η συντονιστική ἐπιτροπή καταλαμβανόμενων οἰκοπέδων Καλαμαριᾶς μέ ὑπόμνημά της πρός τόν ὑπουργό Δημοσίων Ἔργων κ. Νίκ. Ζαρντινίδη ἐπανέρχεται στό ζήτημα τῆς ἐπαναφορᾶς τῶν ἐξωρόφων.
Η συντονιστική ἐπιτροπή καταλαμβανόμενων οἰκοπέδων Καλαμαριᾶς μέ ὑπόμνημά της πρός τόν ὑπουργό Δημοσίων Ἔργων κ. Νίκ. Ζαρντινίδη ἐπανέρχεται στό ζήτημα τῆς ἐπαναφορᾶς τῶν ἐξωρόφων.
Η συντονιστική ἐπιτροπή καταλαμβανόμενων οἰκοπέδων Καλαμαριᾶς μέ ὑπόμνημά της πρός τόν ὑπουργό Δημοσίων Ἔργων κ. Νίκ. Ζαρντινίδη ἐπανέρχεται στό ζήτημα τῆς ἐπαναφορᾶς τῶν ἐξωρόφων.
Εἶχαν σκοτωθεῖ 16 ἄτομα
Ἰσόβια σέ τρεῖς ἀκροδεξιούς καί καταδίκες τριῶν πρακτόρων γιά τή βόμβα στό Μιλάνο τό '69
Οἱ δύο βασικοί ἔνοχοι ἔχουν δραπετεύσει. Ὑποψίες γιά τίς δραστηριότητες τῶν μυστικῶν ὑπηρεσιῶν
ΚΑΤΑΝΤΖΑΡΟ, Ιταλία, 24. (Ην. Τύπος). — Πολυάριθμοι ἰσόβια ὁ δικαστήριο καταδίκασε τρεῖς ἀκροδεξιούς γιά τή βομβιστική ἐπίθεση στήν τράπεζα Γεωργίας τοῦ Μιλάνου τό 1969.
ΚΑΤΑΝΤΖΑΡΟ, Ιταλία, 24. (Ην. Τύπος). — Πολυάριθμοι ἰσόβια ὁ δικαστήριο καταδίκασε τρεῖς ἀκροδεξιούς γιά τή βομβιστική ἐπίθεση στήν τράπεζα Γεωργίας τοῦ Μιλάνου τό 1969.
ΚΑΤΑΝΤΖΑΡΟ, Ιταλία, 24. (Ην. Τύπος). — Πολυάριθμοι ἰσόβια ὁ δικαστήριο καταδίκασε τρεῖς ἀκροδεξιούς γιά τή βομβιστική ἐπίθεση στήν τράπεζα Γεωργίας τοῦ Μιλάνου τό 1969.
ΚΑΤΑΝΤΖΑΡΟ, Ιταλία, 24. (Ην. Τύπος). — Πολυάριθμοι ἰσόβια ὁ δικαστήριο καταδίκασε τρεῖς ἀκροδεξιούς γιά τή βομβιστική ἐπίθεση στήν τράπεζα Γεωργίας τοῦ Μιλάνου τό 1969.
ΚΑΤΑΝΤΖΑΡΟ, Ιταλία, 24. (Ην. Τύπος). — Πολυάριθμοι ἰσόβια ὁ δικαστήριο καταδίκασε τρεῖς ἀκροδεξιούς γιά τή βομβιστική ἐπίθεση στήν τράπεζα Γεωργίας τοῦ Μιλάνου τό 1969.
ΚΑΤΑΝΤΖΑΡΟ, Ιταλία, 24. (Ην. Τύπος). — Πολυάριθμοι ἰσόβια ὁ δικαστήριο καταδίκασε τρεῖς ἀκροδεξιούς γιά τή βομβιστική ἐπίθεση στήν τράπεζα Γεωργίας τοῦ Μιλάνου τό 1969.
ΣΤΟΝ ΠΕΙΡΑΙΑ
ΝΑΡΚΟΜΑΝΕΙΣ ΕΙΣΕΒΑΛΑΝ ΜΕ ΛΕΠΙΔΕΣ ΣΕ ΦΑΡΜΑΚΕΙΟ
ΤΡΟΜΑΞΑΝ ΟΜΩΣ ΑΠΟ ΤΙΣ ΦΩΝΕΣ ΤΗΣ ΥΠΑΛΛΗΛΟΥ ΚΑΙ ΕΦΥΓΑΝ
ΠΕΙΡΑΙΑΣ, 24.— Συνελήφθησαν στόν Πειραιᾶ ὁ Κ. Θεοφίλου, 25 χρονῶν, ναυτικός ὁ Βασίλης Νυχογέος, 22 χρονῶν, ἐπειδή εἰσέβαλαν μέ λεπίδες σέ φαρμακεῖο.
ΠΕΙΡΑΙΑΣ, 24.— Συνελήφθησαν στόν Πειραιᾶ ὁ Κ. Θεοφίλου, 25 χρονῶν, ναυτικός ὁ Βασίλης Νυχογέος, 22 χρονῶν, ἐπειδή εἰσέβαλαν μέ λεπίδες σέ φαρμακεῖο.
ΠΕΙΡΑΙΑΣ, 24.— Συνελήφθησαν στόν Πειραιᾶ ὁ Κ. Θεοφίλου, 25 χρονῶν, ναυτικός ὁ Βασίλης Νυχογέος, 22 χρονῶν, ἐπειδή εἰσέβαλαν μέ λεπίδες σέ φαρμακεῖο.
ΠΕΙΡΑΙΑΣ, 24.— Συνελήφθησαν στόν Πειραιᾶ ὁ Κ. Θεοφίλου, 25 χρονῶν, ναυτικός ὁ Βασίλης Νυχογέος, 22 χρονῶν, ἐπειδή εἰσέβαλαν μέ λεπίδες σέ φαρμακεῖο.
ΠΕΡΑΣΕ ΕΝΑ ΜΗΝΑ ΣΑΝ ΒΑΘΥΠΛΟΥΤΟΣ ΕΜΦΑΝΙΖΟΜΕΝΟΣ ΩΣ ΓΙΟΣ ΣΑΟΥΔΑΡΑΒΑ
ΝΕΑΡΟΣ ΒΡΕΤΑΝΝΟΣ ΠΟΥ ΤΕΛΙΚΑ ΣΥΝΕΛΗΦΘΗ
ΚΑΝΝΕΣ, Γαλλία, 24. (Ασ. Πρέσ). — Ἕνας 21χρονος συνελήφθη ἀπό ἕνα μῆνα ἐξαπάτησης τόσο στίς Κάννες ὅσο καί στό Παρίσι.
ΚΑΝΝΕΣ, Γαλλία, 24. (Ασ. Πρέσ). — Ἕνας 21χρονος συνελήφθη ἀπό ἕνα μῆνα ἐξαπάτησης τόσο στίς Κάννες ὅσο καί στό Παρίσι.
ΚΑΝΝΕΣ, Γαλλία, 24. (Ασ. Πρέσ). — Ἕνας 21χρονος συνελήφθη ἀπό ἕνα μῆνα ἐξαπάτησης τόσο στίς Κάννες ὅσο καί στό Παρίσι.
ΔΕΚΑ ΝΕΚΡΟΙ ΑΠΟ ΕΚΡΗΞΗ ΣΕ ΣΚΩΤΙΚΟ ΧΡΥΣΩΡΥΧΕΙΟ
ΚΑΙ ΟΙ ΤΡΑΥΜΑΤΙΕΣ ΠΡΟΥΠΗΡΞΑΝ ΠΥΡΚΑΓΙΑ
ΓΚΛΕΗΣ ΜΠΗΝ, Νέα Σκωτία, 24. (Ρώυτερ). — Τουλάχιστον δέκα ἀνθρακωρύχοι σκοτώθηκαν ἀπό ἔκρηξη.
ΓΚΛΕΗΣ ΜΠΗΝ, Νέα Σκωτία, 24. (Ρώυτερ). — Τουλάχιστον δέκα ἀνθρακωρύχοι σκοτώθηκαν ἀπό ἔκρηξη.
ΑΓΓΛΟΣ Ο ΝΕΟΣ ΠΡΟΕΔΡΟΣ ΤΟΥ ΔΙΕΘΝΟΥΣ ΔΙΚΑΣΤΗΡΙΟΥ ΤΗΣ ΧΑΓΗΣ
ΧΑΓΗ, 24. (Ρώυτερ). — Ὁ σέρ Χάμφρεϋ Γουάλντοκ, Βρεταννός, ἐξελέγη πρόεδρος τοῦ Διεθνοῦς δικαστηρίου.
ΧΑΓΗ, 24. (Ρώυτερ). — Ὁ σέρ Χάμφρεϋ Γουάλντοκ, Βρεταννός, ἐξελέγη πρόεδρος τοῦ Διεθνοῦς δικαστηρίου.
Σελίς 13
Ὁρισμένων κατηγοριῶν
ΕΠΙΤΡΕΠΕΤΑΙ Η ΦΟΡΤΩΣΗ ΚΛΩΣΤΟ·Υ·ΦΑΝΤΟΥΡΓΙΚΩΝ ΜΕΧΡΙ ΤΗΝ 31 ΜΑΡΤΙΟΥ
Ἡ ἀπόφαση ἀφορᾶ τά ἐποχικά εἴδη. Πῶς θά χορηγοῦνται οἱ ἄδειες. Τί γίνεται στήν περίπτωση λάθους
ΑΘΗΝΑ, 24. — Οἱ ἐξαγωγεῖς κλωστοϋφαντουργικῶν προϊόντων θά μποροῦν νά φορτώνουν μέχρι καί τήν 31η Μαρτίου 1979 προϊόντα, τά ὁποῖα ἀνήκουν στίς κατηγορίες 4, 5, 6, 7 καί 13 καί τά ὁποῖα προορίζονται γιά χῶρες τῆς Κοινῆς Ἀγορᾶς.
ΑΘΗΝΑ, 24. — Οἱ ἐξαγωγεῖς κλωστοϋφαντουργικῶν προϊόντων θά μποροῦν νά φορτώνουν μέχρι καί τήν 31η Μαρτίου 1979 προϊόντα, τά ὁποῖα ἀνήκουν στίς κατηγορίες 4, 5, 6, 7 καί 13 καί τά ὁποῖα προορίζονται γιά χῶρες τῆς Κοινῆς Ἀγορᾶς.
ΑΘΗΝΑ, 24. — Οἱ ἐξαγωγεῖς κλωστοϋφαντουργικῶν προϊόντων θά μποροῦν νά φορτώνουν μέχρι καί τήν 31η Μαρτίου 1979 προϊόντα, τά ὁποῖα ἀνήκουν στίς κατηγορίες 4, 5, 6, 7 καί 13 καί τά ὁποῖα προορίζονται γιά χῶρες τῆς Κοινῆς Ἀγορᾶς.
Η ΑΠΟΦΑΣΗ
Τό πλῆρες κείμενο τοῦ ἐγγράφου ἔχει ὡς ἑξῆς: «Ἀναφερόμενοι στήν ἀπόφασή μας, ἀριθμ. Ε.Τ.1248/1.2.79, σᾶς γνωρίζουμε ὅτι προκειμένου νά ὑπαχθοῦν στίς διατάξεις της...
Τό πλῆρες κείμενο τοῦ ἐγγράφου ἔχει ὡς ἑξῆς: «Ἀναφερόμενοι στήν ἀπόφασή μας, ἀριθμ. Ε.Τ.1248/1.2.79, σᾶς γνωρίζουμε ὅτι προκειμένου νά ὑπαχθοῦν στίς διατάξεις της...
Τό πλῆρες κείμενο τοῦ ἐγγράφου ἔχει ὡς ἑξῆς: «Ἀναφερόμενοι στήν ἀπόφασή μας, ἀριθμ. Ε.Τ.1248/1.2.79, σᾶς γνωρίζουμε ὅτι προκειμένου νά ὑπαχθοῦν στίς διατάξεις της...
ΑΘΗΝΑ, 24. — Οἱ ἐξαγωγεῖς κλωστοϋφαντουργικῶν προϊόντων θά μποροῦν νά φορτώνουν μέχρι καί τήν 31η Μαρτίου 1979 προϊόντα, τά ὁποῖα ἀνήκουν στίς κατηγορίες 4, 5, 6, 7 καί 13 καί τά ὁποῖα προορίζονται γιά χῶρες τῆς Κοινῆς Ἀγορᾶς.
ΑΘΗΝΑ, 24. — Οἱ ἐξαγωγεῖς κλωστοϋφαντουργικῶν προϊόντων θά μποροῦν νά φορτώνουν μέχρι καί τήν 31η Μαρτίου 1979 προϊόντα, τά ὁποῖα ἀνήκουν στίς κατηγορίες 4, 5, 6, 7 καί 13 καί τά ὁποῖα προορίζονται γιά χῶρες τῆς Κοινῆς Ἀγορᾶς.
ΑΛΛΕΣ ΔΙΑΔΙΚΑΣΙΕΣ
Τό πλῆρες κείμενο τοῦ ἐγγράφου ἔχει ὡς ἑξῆς: «Ἀναφερόμενοι στήν ἀπόφασή μας, ἀριθμ. Ε.Τ.1248/1.2.79, σᾶς γνωρίζουμε ὅτι προκειμένου νά ὑπαχθοῦν στίς διατάξεις της...
Τό πλῆρες κείμενο τοῦ ἐγγράφου ἔχει ὡς ἑξῆς: «Ἀναφερόμενοι στήν ἀπόφασή μας, ἀριθμ. Ε.Τ.1248/1.2.79, σᾶς γνωρίζουμε ὅτι προκειμένου νά ὑπαχθοῦν στίς διατάξεις της...
Τό πλῆρες κείμενο τοῦ ἐγγράφου ἔχει ὡς ἑξῆς: «Ἀναφερόμενοι στήν ἀπόφασή μας, ἀριθμ. Ε.Τ.1248/1.2.79, σᾶς γνωρίζουμε ὅτι προκειμένου νά ὑπαχθοῦν στίς διατάξεις της...
Τό πλῆρες κείμενο τοῦ ἐγγράφου ἔχει ὡς ἑξῆς: «Ἀναφερόμενοι στήν ἀπόφασή μας, ἀριθμ. Ε.Τ.1248/1.2.79, σᾶς γνωρίζουμε ὅτι προκειμένου νά ὑπαχθοῦν στίς διατάξεις της...
Μιά ὑπέροχη σειρά μεταλλίων
ΤΑ 20 ΔΙΑΣΗΜΟΤΕΡΑ ΓΥΜΝΑ ΣΤΗΝ ΙΣΤΟΡΙΑ ΤΗΣ ΖΩΓΡΑΦΙΚΗΣ
σέ αὐστηρά περιορισμένο ἀριθμό, γιά λίγους προνομιούχους συλλέκτες.
GOYA
	NUDA

BETSABEA
ΧΑΡΑΚΤΗΡΙΣΤΙΚΑ
Ἡ συνολική σειρά ἀποτελεῖται ἀπό 20 μετάλλια ἀπό καθαρό ἀσῆμι 999°, διαμέτρου 45 χιλ. καί βάρους 50 γρ.
Ἡ συνολική σειρά ἀποτελεῖται ἀπό 20 μετάλλια ἀπό καθαρό ἀσῆμι 999°, διαμέτρου 45 χιλ. καί βάρους 50 γρ.
Ἡ συνολική σειρά ἀποτελεῖται ἀπό 20 μετάλλια ἀπό καθαρό ἀσῆμι 999°, διαμέτρου 45 χιλ. καί βάρους 50 γρ.
Μιά συλλογή κατά συνδρομή καί δῶρο μιά πολυτελής θήκη.
Ἡ συνολική σειρά ἀποτελεῖται ἀπό 20 μετάλλια ἀπό καθαρό ἀσῆμι 999°, διαμέτρου 45 χιλ. καί βάρους 50 γρ.
20 μετάλλια, 40 ἀριστουργήματα τέχνης.
Ἡ ἀξία ἑνός ἀριστουργήματος, μέ ἐγγυημένα σταθερή τιμή.
Ἡ ἀξία ἑνός ἀριστουργήματος, μέ ἐγγυημένα σταθερή τιμή.
ΔΕΛΤΙΟ ΑΓΓΕΛΙΩΝ
Ἑλληνικός Συλλεκτικός Κύκλος ΕΠΕ.
Ταχ. Θυρίς 52, Νέο Ψυχικό, Ἀθήνα.
ΕΠΩΝΥΜΟ
ΟΝΟΜΑ
ΕΠΑΓΓΕΛΜΑ
ΔΙΕΥΘΥΝΣΗ
ΠΟΛΗ
ΤΗΛ.
